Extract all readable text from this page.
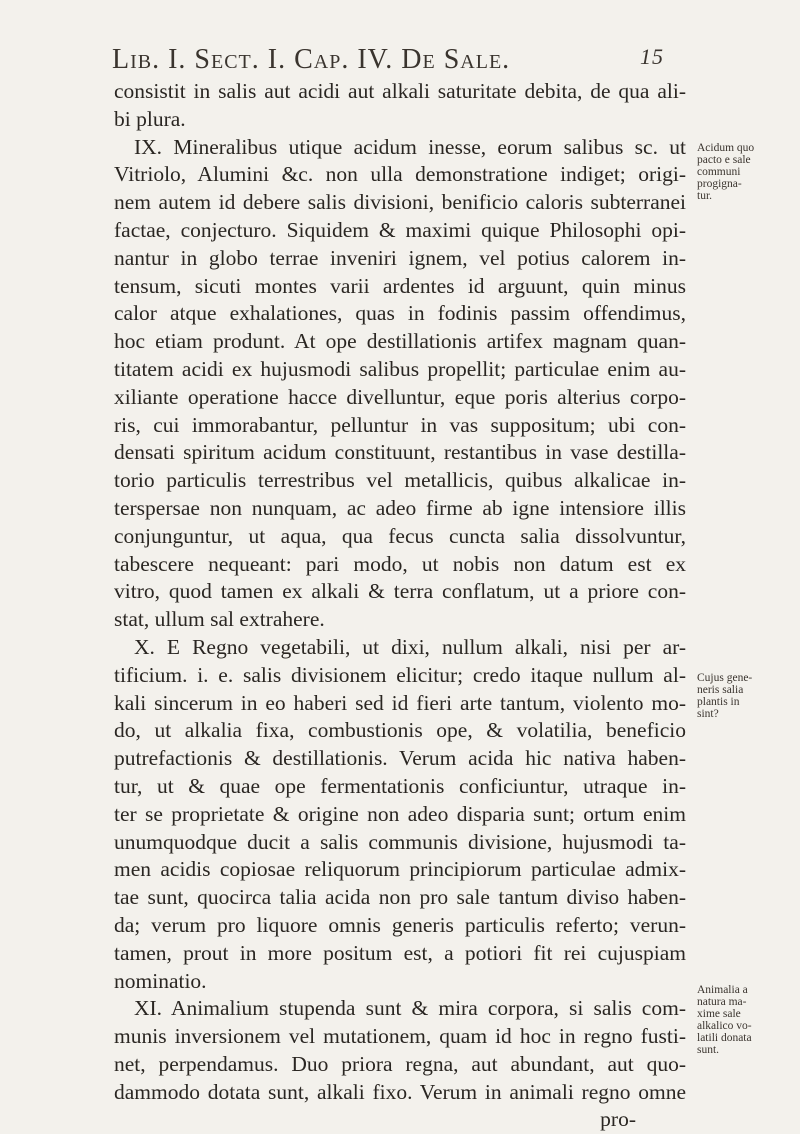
Lib. I. Sect. I. Cap. IV. De Sale.	15
consistit in salis aut acidi aut alkali saturitate debita, de qua ali-
bi plura.
IX. Mineralibus utique acidum inesse, eorum salibus sc. ut
Vitriolo, Alumini &c. non ulla demonstratione indiget; origi-
nem autem id debere salis divisioni, benificio caloris subterranei
factae, conjecturo. Siquidem & maximi quique Philosophi opi-
nantur in globo terrae inveniri ignem, vel potius calorem in-
tensum, sicuti montes varii ardentes id arguunt, quin minus
calor atque exhalationes, quas in fodinis passim offendimus,
hoc etiam produnt. At ope destillationis artifex magnam quan-
titatem acidi ex hujusmodi salibus propellit; particulae enim au-
xiliante operatione hacce divelluntur, eque poris alterius corpo-
ris, cui immorabantur, pelluntur in vas suppositum; ubi con-
densati spiritum acidum constituunt, restantibus in vase destilla-
torio particulis terrestribus vel metallicis, quibus alkalicae in-
terspersae non nunquam, ac adeo firme ab igne intensiore illis
conjunguntur, ut aqua, qua fecus cuncta salia dissolvuntur,
tabescere nequeant: pari modo, ut nobis non datum est ex
vitro, quod tamen ex alkali & terra conflatum, ut a priore con-
stat, ullum sal extrahere.
X. E Regno vegetabili, ut dixi, nullum alkali, nisi per ar-
tificium. i. e. salis divisionem elicitur; credo itaque nullum al-
kali sincerum in eo haberi sed id fieri arte tantum, violento mo-
do, ut alkalia fixa, combustionis ope, & volatilia, beneficio
putrefactionis & destillationis. Verum acida hic nativa haben-
tur, ut & quae ope fermentationis conficiuntur, utraque in-
ter se proprietate & origine non adeo disparia sunt; ortum enim
unumquodque ducit a salis communis divisione, hujusmodi ta-
men acidis copiosae reliquorum principiorum particulae admix-
tae sunt, quocirca talia acida non pro sale tantum diviso haben-
da; verum pro liquore omnis generis particulis referto; verun-
tamen, prout in more positum est, a potiori fit rei cujuspiam
nominatio.
XI. Animalium stupenda sunt & mira corpora, si salis com-
munis inversionem vel mutationem, quam id hoc in regno fusti-
net, perpendamus. Duo priora regna, aut abundant, aut quo-
dammodo dotata sunt, alkali fixo. Verum in animali regno omne
pro-
Acidum quo
pacto e sale
communi
progigna-
tur.
Cujus gene-
neris salia
plantis in
sint?
Animalia a
natura ma-
xime sale
alkalico vo-
latili donata
sunt.
